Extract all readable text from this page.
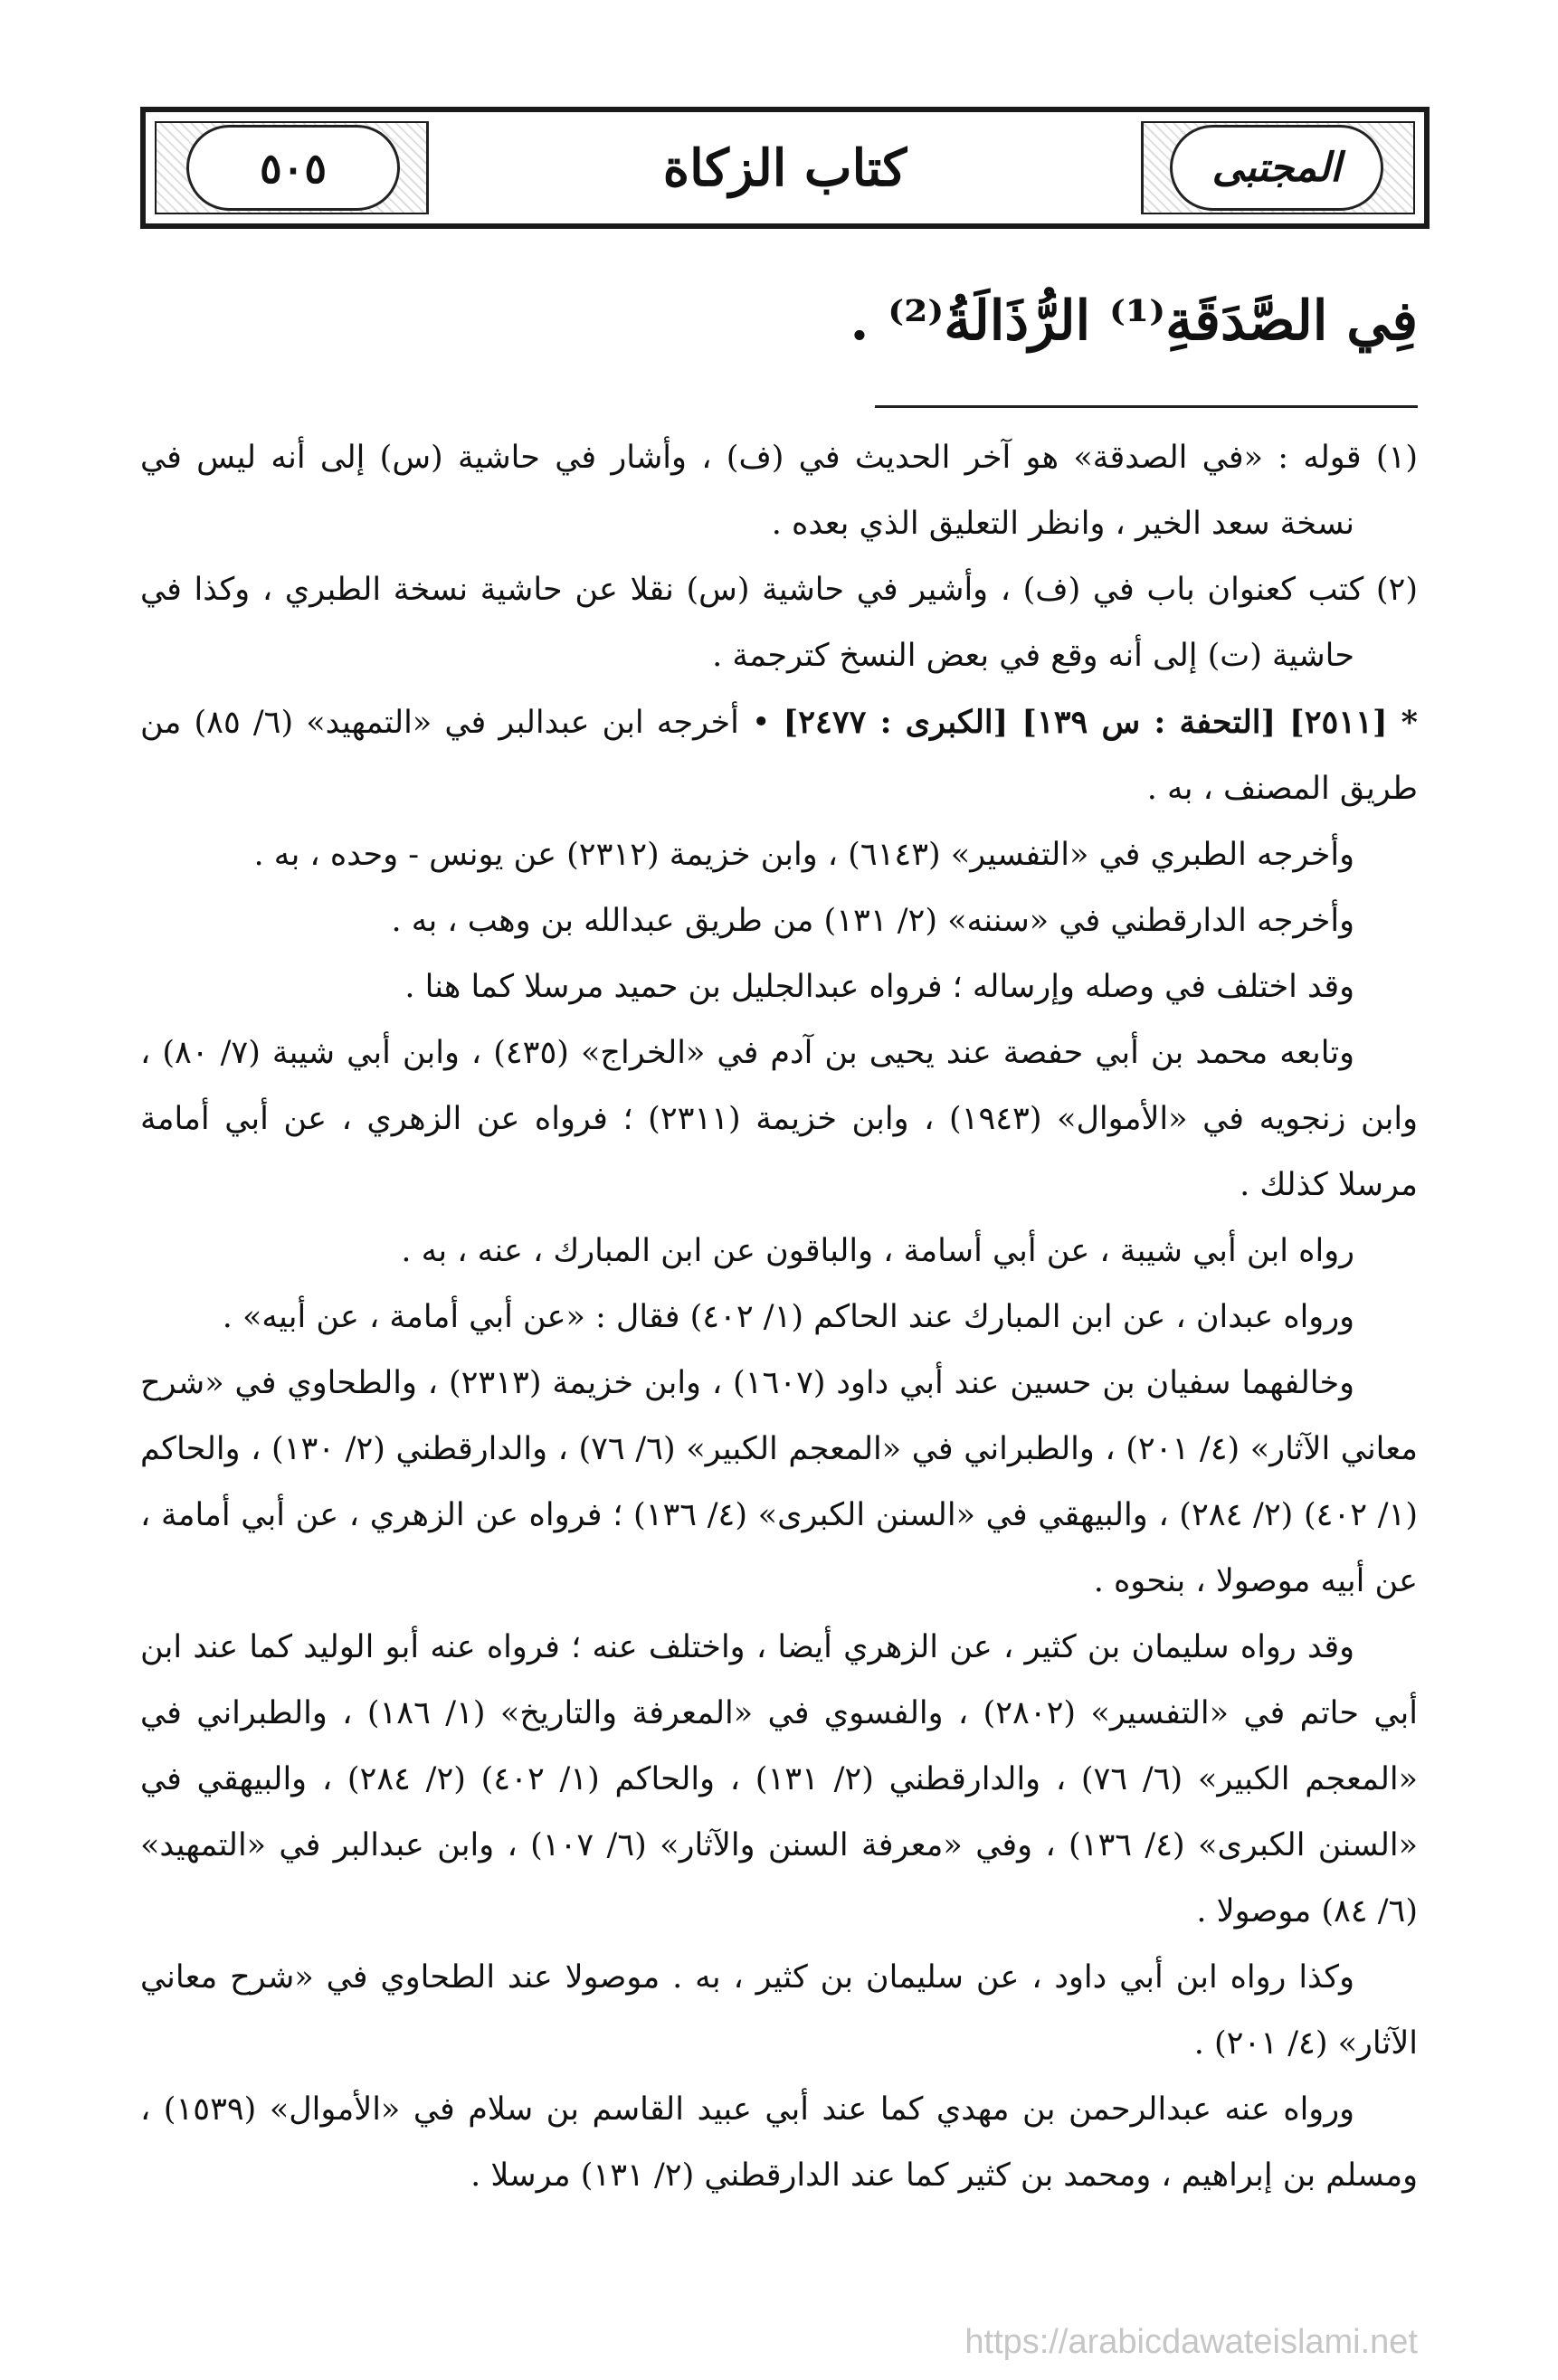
كتاب الزكاة
٥٠٥	المجتبى
فِي الصَّدَقَةِ⁽¹⁾ الرُّذَالَةُ⁽²⁾ .

(١) قوله : «في الصدقة» هو آخر الحديث في (ف) ، وأشار في حاشية (س) إلى أنه ليس في نسخة سعد الخير ، وانظر التعليق الذي بعده .

(٢) كتب كعنوان باب في (ف) ، وأشير في حاشية (س) نقلا عن حاشية نسخة الطبري ، وكذا في حاشية (ت) إلى أنه وقع في بعض النسخ كترجمة .

* [٢٥١١] [التحفة : س ١٣٩] [الكبرى : ٢٤٧٧] • أخرجه ابن عبدالبر في «التمهيد» (٦/ ٨٥) من طريق المصنف ، به .

وأخرجه الطبري في «التفسير» (٦١٤٣) ، وابن خزيمة (٢٣١٢) عن يونس - وحده ، به .

وأخرجه الدارقطني في «سننه» (٢/ ١٣١) من طريق عبدالله بن وهب ، به .

وقد اختلف في وصله وإرساله ؛ فرواه عبدالجليل بن حميد مرسلا كما هنا .

وتابعه محمد بن أبي حفصة عند يحيى بن آدم في «الخراج» (٤٣٥) ، وابن أبي شيبة (٧/ ٨٠) ، وابن زنجويه في «الأموال» (١٩٤٣) ، وابن خزيمة (٢٣١١) ؛ فرواه عن الزهري ، عن أبي أمامة مرسلا كذلك .

رواه ابن أبي شيبة ، عن أبي أسامة ، والباقون عن ابن المبارك ، عنه ، به .

ورواه عبدان ، عن ابن المبارك عند الحاكم (١/ ٤٠٢) فقال : «عن أبي أمامة ، عن أبيه» .

وخالفهما سفيان بن حسين عند أبي داود (١٦٠٧) ، وابن خزيمة (٢٣١٣) ، والطحاوي في «شرح معاني الآثار» (٤/ ٢٠١) ، والطبراني في «المعجم الكبير» (٦/ ٧٦) ، والدارقطني (٢/ ١٣٠) ، والحاكم (١/ ٤٠٢) (٢/ ٢٨٤) ، والبيهقي في «السنن الكبرى» (٤/ ١٣٦) ؛ فرواه عن الزهري ، عن أبي أمامة ، عن أبيه موصولا ، بنحوه .

وقد رواه سليمان بن كثير ، عن الزهري أيضا ، واختلف عنه ؛ فرواه عنه أبو الوليد كما عند ابن أبي حاتم في «التفسير» (٢٨٠٢) ، والفسوي في «المعرفة والتاريخ» (١/ ١٨٦) ، والطبراني في «المعجم الكبير» (٦/ ٧٦) ، والدارقطني (٢/ ١٣١) ، والحاكم (١/ ٤٠٢) (٢/ ٢٨٤) ، والبيهقي في «السنن الكبرى» (٤/ ١٣٦) ، وفي «معرفة السنن والآثار» (٦/ ١٠٧) ، وابن عبدالبر في «التمهيد» (٦/ ٨٤) موصولا .

وكذا رواه ابن أبي داود ، عن سليمان بن كثير ، به . موصولا عند الطحاوي في «شرح معاني الآثار» (٤/ ٢٠١) .

ورواه عنه عبدالرحمن بن مهدي كما عند أبي عبيد القاسم بن سلام في «الأموال» (١٥٣٩) ، ومسلم بن إبراهيم ، ومحمد بن كثير كما عند الدارقطني (٢/ ١٣١) مرسلا .

https://arabicdawateislami.net
